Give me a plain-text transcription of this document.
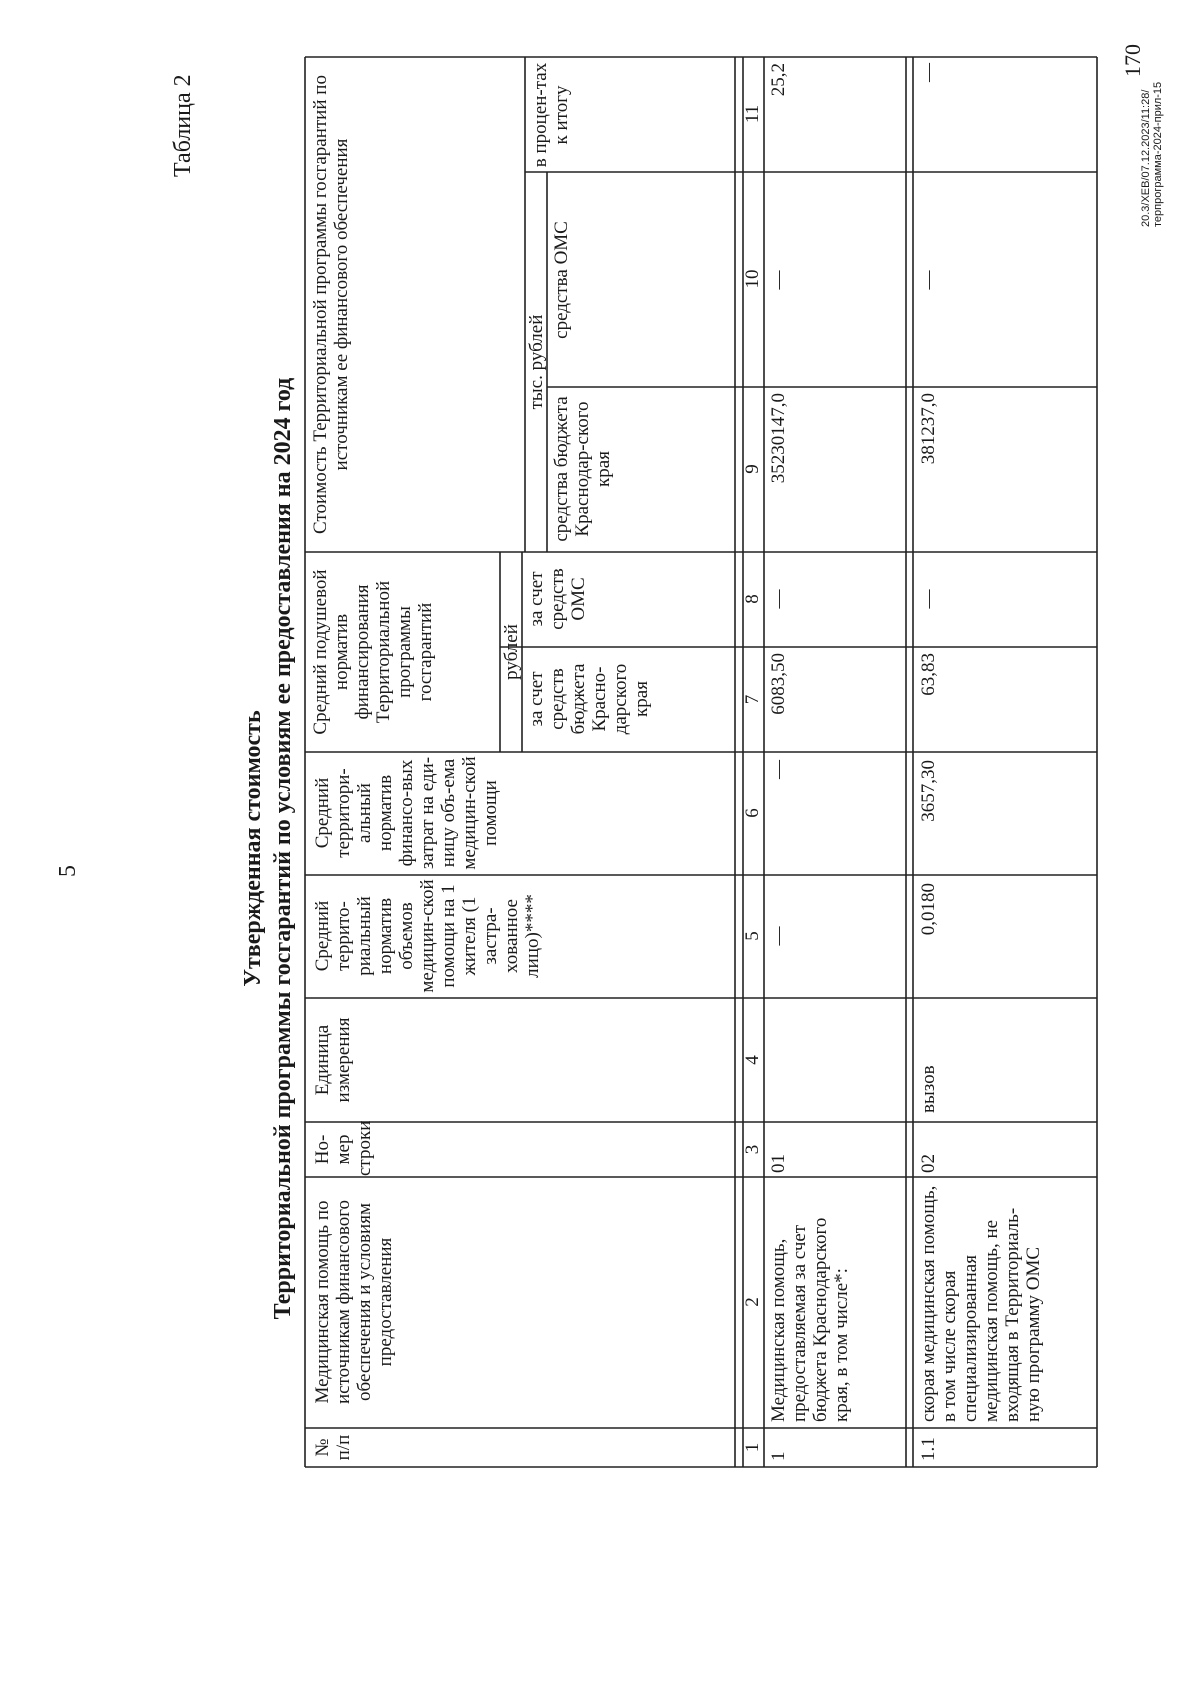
5
Таблица 2
Утвержденная стоимость Территориальной программы госгарантий по условиям ее предоставления на 2024 год
№ п/п
Медицинская помощь по источникам финансового обеспечения и условиям предоставления
Но-мер строки
Единица измерения
Средний террито-риальный норматив объемов медицин-ской помощи на 1 жителя (1 застра-хованное лицо)****
Средний территори-альный норматив финансо-вых затрат на еди-ницу объ-ема медицин-ской помощи
Средний подушевой норматив финансирования Территориальной программы госгарантий	рублей
за счет средств бюджета Красно-дарского края
за счет средств ОМС
Стоимость Территориальной программы госгарантий по источникам ее финансового обеспечения	тыс. рублей
средства бюджета Краснодар-ского края
средства ОМС
в процен-тах к итогу
1
2
3
4
5
6
7
8
9
10
11
1
Медицинская помощь, предоставляемая за счет бюджета Краснодарского края, в том числе*:
01
—
—
6083,50
—
35230147,0
—
25,2
1.1
скорая медицинская помощь, в том числе скорая специализированная медицинская помощь, не входящая в Территориаль-ную программу ОМС
02
вызов
0,0180
3657,30
63,83
—
381237,0
—
—
20.3/XEB/07.12.2023/11:28/терпрограмма-2024-прил-15
170
